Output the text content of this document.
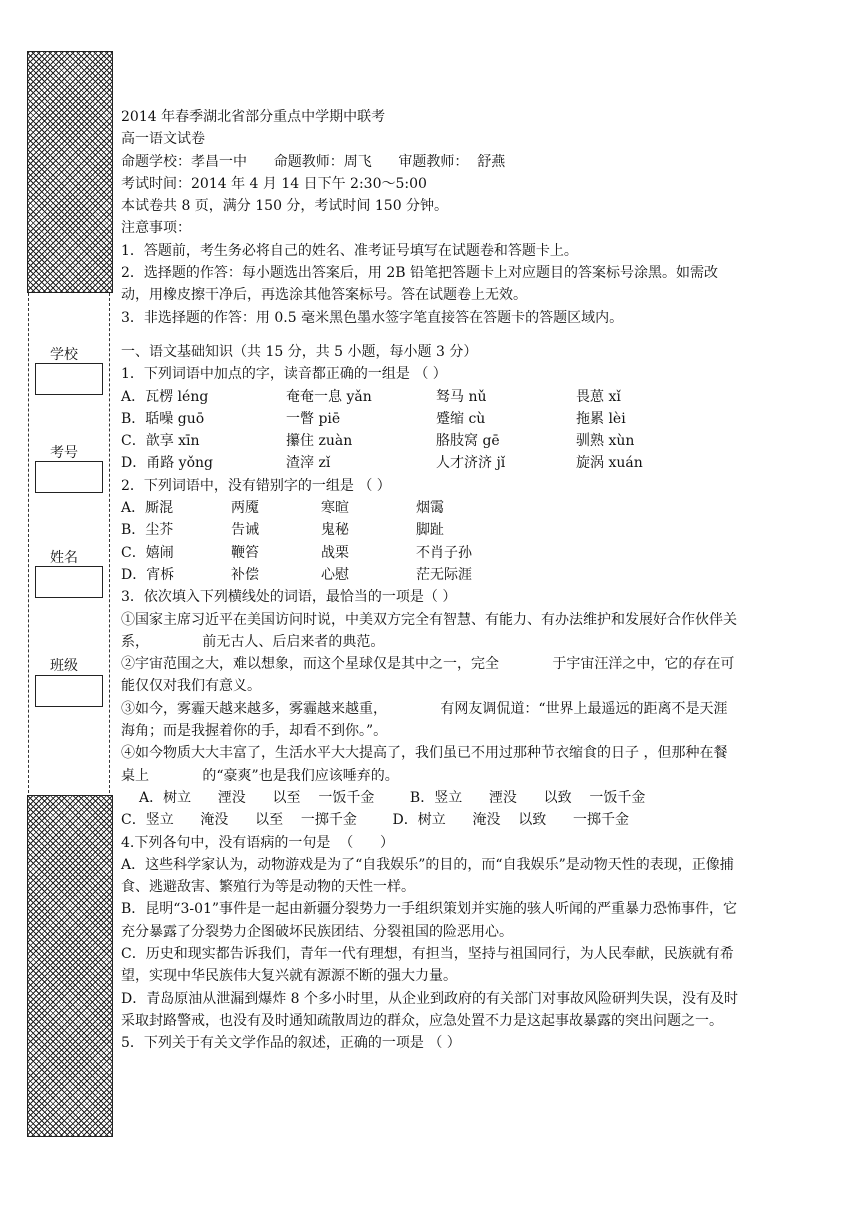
学校
考号
姓名
班级
2014 年春季湖北省部分重点中学期中联考
高一语文试卷
命题学校：孝昌一中      命题教师：周飞      审题教师：  舒燕
考试时间：2014 年 4 月 14 日下午 2:30～5:00
本试卷共 8 页，满分 150 分，考试时间 150 分钟。
注意事项：
1．答题前，考生务必将自己的姓名、准考证号填写在试题卷和答题卡上。
2．选择题的作答：每小题选出答案后，用 2B 铅笔把答题卡上对应题目的答案标号涂黑。如需改动，用橡皮擦干净后，再选涂其他答案标号。答在试题卷上无效。
3．非选择题的作答：用 0.5 毫米黑色墨水签字笔直接答在答题卡的答题区域内。
一、语文基础知识（共 15 分，共 5 小题，每小题 3 分）
1．下列词语中加点的字，读音都正确的一组是 （ ）
A．瓦楞 léng	奄奄一息 yǎn	驽马 nǔ	畏葸 xǐ
B．聒噪 guō	一瞥 piē	蹙缩 cù	拖累 lèi
C．歆享 xīn	攥住 zuàn	胳肢窝 gē	驯熟 xùn
D．甬路 yǒng	渣滓 zǐ	人才济济 jǐ	旋涡 xuán
2．下列词语中，没有错别字的一组是 （ ）
A．厮混	两魇	寒暄	烟霭
B．尘芥	告诫	鬼秘	脚趾
C．嬉闹	鞭笞	战栗	不肖子孙
D．宵柝	补偿	心慰	茫无际涯
3．依次填入下列横线处的词语，最恰当的一项是（ ）
①国家主席习近平在美国访问时说，中美双方完全有智慧、有能力、有办法维护和发展好合作伙伴关系，            前无古人、后启来者的典范。
②宇宙范围之大，难以想象，而这个星球仅是其中之一，完全            于宇宙汪洋之中，它的存在可能仅仅对我们有意义。
③如今，雾霾天越来越多，雾霾越来越重，            有网友调侃道：“世界上最遥远的距离不是天涯海角；而是我握着你的手，却看不到你。”。
④如今物质大大丰富了，生活水平大大提高了，我们虽已不用过那种节衣缩食的日子 ，但那种在餐桌上            的“豪爽”也是我们应该唾弃的。
A．树立      湮没      以至    一饭千金        B．竖立      湮没      以致    一饭千金
C．竖立      淹没      以至    一掷千金        D．树立      淹没    以致      一掷千金
4.下列各句中，没有语病的一句是  （      ）
A．这些科学家认为，动物游戏是为了“自我娱乐”的目的，而“自我娱乐”是动物天性的表现，正像捕食、逃避敌害、繁殖行为等是动物的天性一样。
B．昆明“3-01”事件是一起由新疆分裂势力一手组织策划并实施的骇人听闻的严重暴力恐怖事件，它充分暴露了分裂势力企图破坏民族团结、分裂祖国的险恶用心。
C．历史和现实都告诉我们，青年一代有理想，有担当，坚持与祖国同行，为人民奉献，民族就有希望，实现中华民族伟大复兴就有源源不断的强大力量。
D．青岛原油从泄漏到爆炸 8 个多小时里，从企业到政府的有关部门对事故风险研判失误，没有及时采取封路警戒，也没有及时通知疏散周边的群众，应急处置不力是这起事故暴露的突出问题之一。
5．下列关于有关文学作品的叙述，正确的一项是 （ ）
